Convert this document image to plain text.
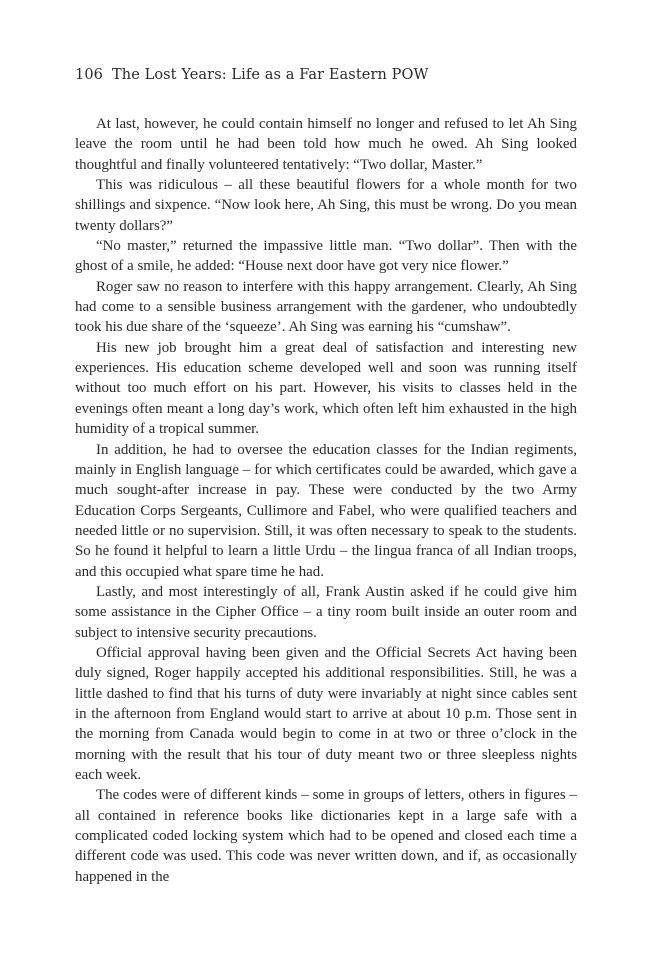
106 The Lost Years: Life as a Far Eastern POW

At last, however, he could contain himself no longer and refused to let Ah Sing leave the room until he had been told how much he owed. Ah Sing looked thoughtful and finally volunteered tentatively: “Two dollar, Master.”

This was ridiculous – all these beautiful flowers for a whole month for two shillings and sixpence. “Now look here, Ah Sing, this must be wrong. Do you mean twenty dollars?”

“No master,” returned the impassive little man. “Two dollar”. Then with the ghost of a smile, he added: “House next door have got very nice flower.”

Roger saw no reason to interfere with this happy arrangement. Clearly, Ah Sing had come to a sensible business arrangement with the gardener, who undoubtedly took his due share of the ‘squeeze’. Ah Sing was earning his “cumshaw”.

His new job brought him a great deal of satisfaction and interesting new experiences. His education scheme developed well and soon was running itself without too much effort on his part. However, his visits to classes held in the evenings often meant a long day’s work, which often left him exhausted in the high humidity of a tropical summer.

In addition, he had to oversee the education classes for the Indian regiments, mainly in English language – for which certificates could be awarded, which gave a much sought-after increase in pay. These were conducted by the two Army Education Corps Sergeants, Cullimore and Fabel, who were qualified teachers and needed little or no supervision. Still, it was often necessary to speak to the students. So he found it helpful to learn a little Urdu – the lingua franca of all Indian troops, and this occupied what spare time he had.

Lastly, and most interestingly of all, Frank Austin asked if he could give him some assistance in the Cipher Office – a tiny room built inside an outer room and subject to intensive security precautions.

Official approval having been given and the Official Secrets Act having been duly signed, Roger happily accepted his additional responsibilities. Still, he was a little dashed to find that his turns of duty were invariably at night since cables sent in the afternoon from England would start to arrive at about 10 p.m. Those sent in the morning from Canada would begin to come in at two or three o’clock in the morning with the result that his tour of duty meant two or three sleepless nights each week.

The codes were of different kinds – some in groups of letters, others in figures – all contained in reference books like dictionaries kept in a large safe with a complicated coded locking system which had to be opened and closed each time a different code was used. This code was never written down, and if, as occasionally happened in the
